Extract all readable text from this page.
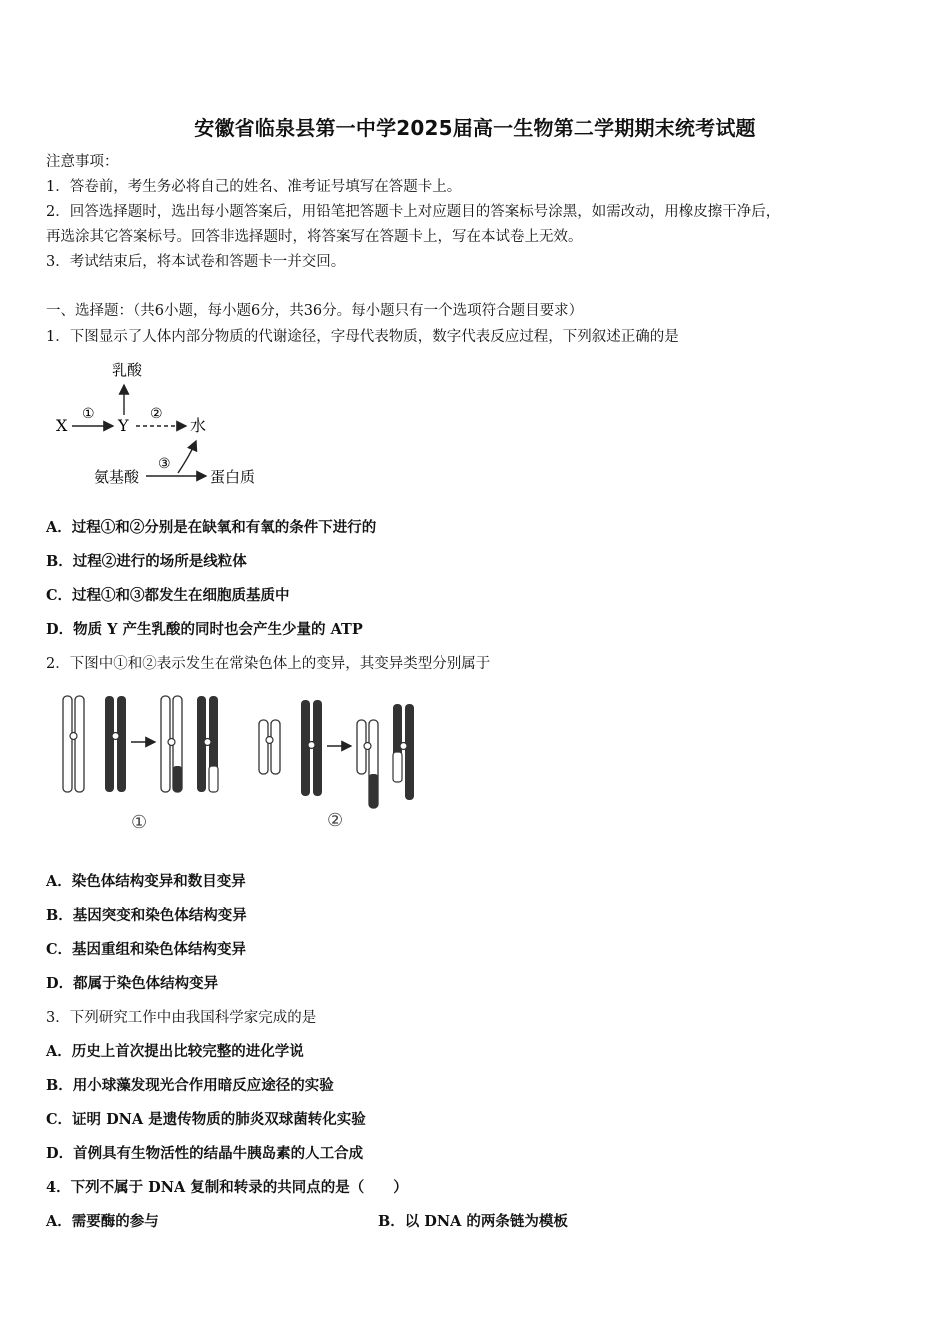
安徽省临泉县第一中学2025届高一生物第二学期期末统考试题
注意事项：
1．答卷前，考生务必将自己的姓名、准考证号填写在答题卡上。
2．回答选择题时，选出每小题答案后，用铅笔把答题卡上对应题目的答案标号涂黑，如需改动，用橡皮擦干净后，
再选涂其它答案标号。回答非选择题时，将答案写在答题卡上，写在本试卷上无效。
3．考试结束后，将本试卷和答题卡一并交回。
一、选择题：（共6小题，每小题6分，共36分。每小题只有一个选项符合题目要求）
1．下图显示了人体内部分物质的代谢途径，字母代表物质，数字代表反应过程，下列叙述正确的是
乳酸
X
①
Y
②
水
③
氨基酸	蛋白质
A．过程①和②分别是在缺氧和有氧的条件下进行的
B．过程②进行的场所是线粒体
C．过程①和③都发生在细胞质基质中
D．物质 Y 产生乳酸的同时也会产生少量的 ATP
2．下图中①和②表示发生在常染色体上的变异，其变异类型分别属于
①	②
A．染色体结构变异和数目变异
B．基因突变和染色体结构变异
C．基因重组和染色体结构变异
D．都属于染色体结构变异
3．下列研究工作中由我国科学家完成的是
A．历史上首次提出比较完整的进化学说
B．用小球藻发现光合作用暗反应途径的实验
C．证明 DNA 是遗传物质的肺炎双球菌转化实验
D．首例具有生物活性的结晶牛胰岛素的人工合成
4．下列不属于 DNA 复制和转录的共同点的是（　　）
A．需要酶的参与	B．以 DNA 的两条链为模板
